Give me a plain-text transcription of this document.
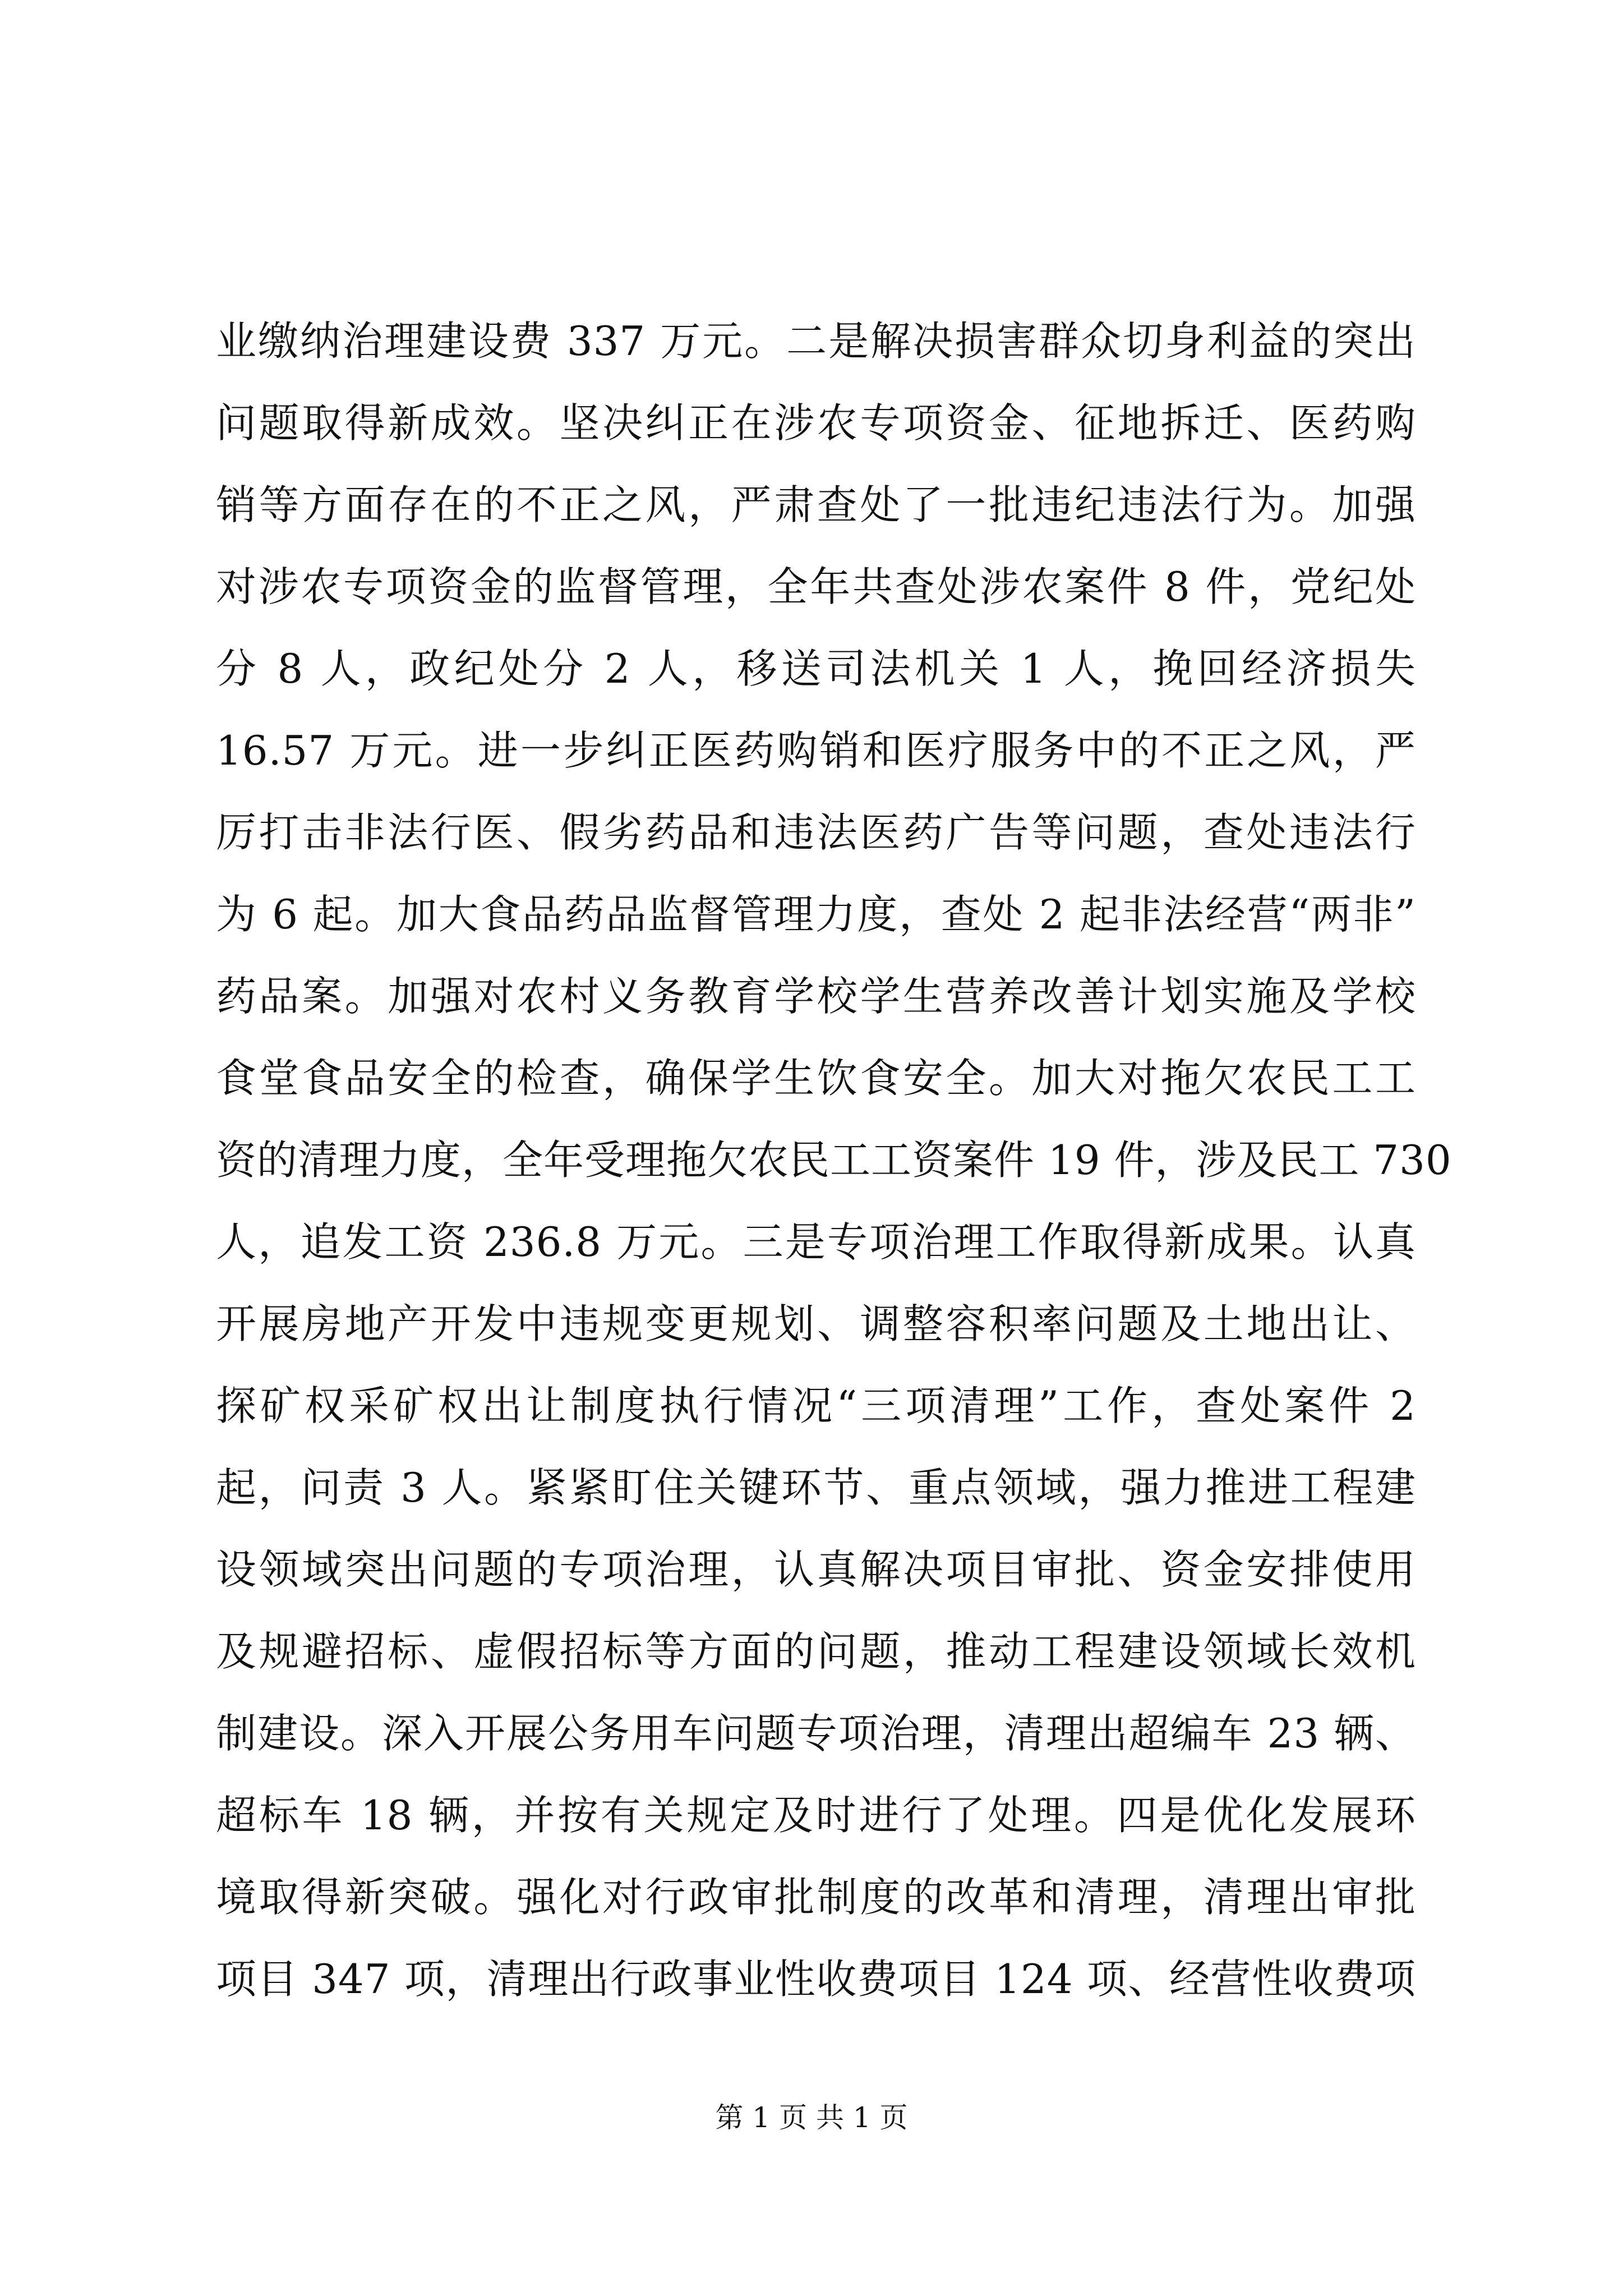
业缴纳治理建设费 337 万元。二是解决损害群众切身利益的突出
问题取得新成效。坚决纠正在涉农专项资金、征地拆迁、医药购
销等方面存在的不正之风，严肃查处了一批违纪违法行为。加强
对涉农专项资金的监督管理，全年共查处涉农案件 8 件，党纪处
分 8 人，政纪处分 2 人，移送司法机关 1 人，挽回经济损失
16.57 万元。进一步纠正医药购销和医疗服务中的不正之风，严
厉打击非法行医、假劣药品和违法医药广告等问题，查处违法行
为 6 起。加大食品药品监督管理力度，查处 2 起非法经营“两非”
药品案。加强对农村义务教育学校学生营养改善计划实施及学校
食堂食品安全的检查，确保学生饮食安全。加大对拖欠农民工工
资的清理力度，全年受理拖欠农民工工资案件 19 件，涉及民工 730
人，追发工资 236.8 万元。三是专项治理工作取得新成果。认真
开展房地产开发中违规变更规划、调整容积率问题及土地出让、
探矿权采矿权出让制度执行情况“三项清理”工作，查处案件 2
起，问责 3 人。紧紧盯住关键环节、重点领域，强力推进工程建
设领域突出问题的专项治理，认真解决项目审批、资金安排使用
及规避招标、虚假招标等方面的问题，推动工程建设领域长效机
制建设。深入开展公务用车问题专项治理，清理出超编车 23 辆、
超标车 18 辆，并按有关规定及时进行了处理。四是优化发展环
境取得新突破。强化对行政审批制度的改革和清理，清理出审批
项目 347 项，清理出行政事业性收费项目 124 项、经营性收费项
第 1 页 共 1 页
